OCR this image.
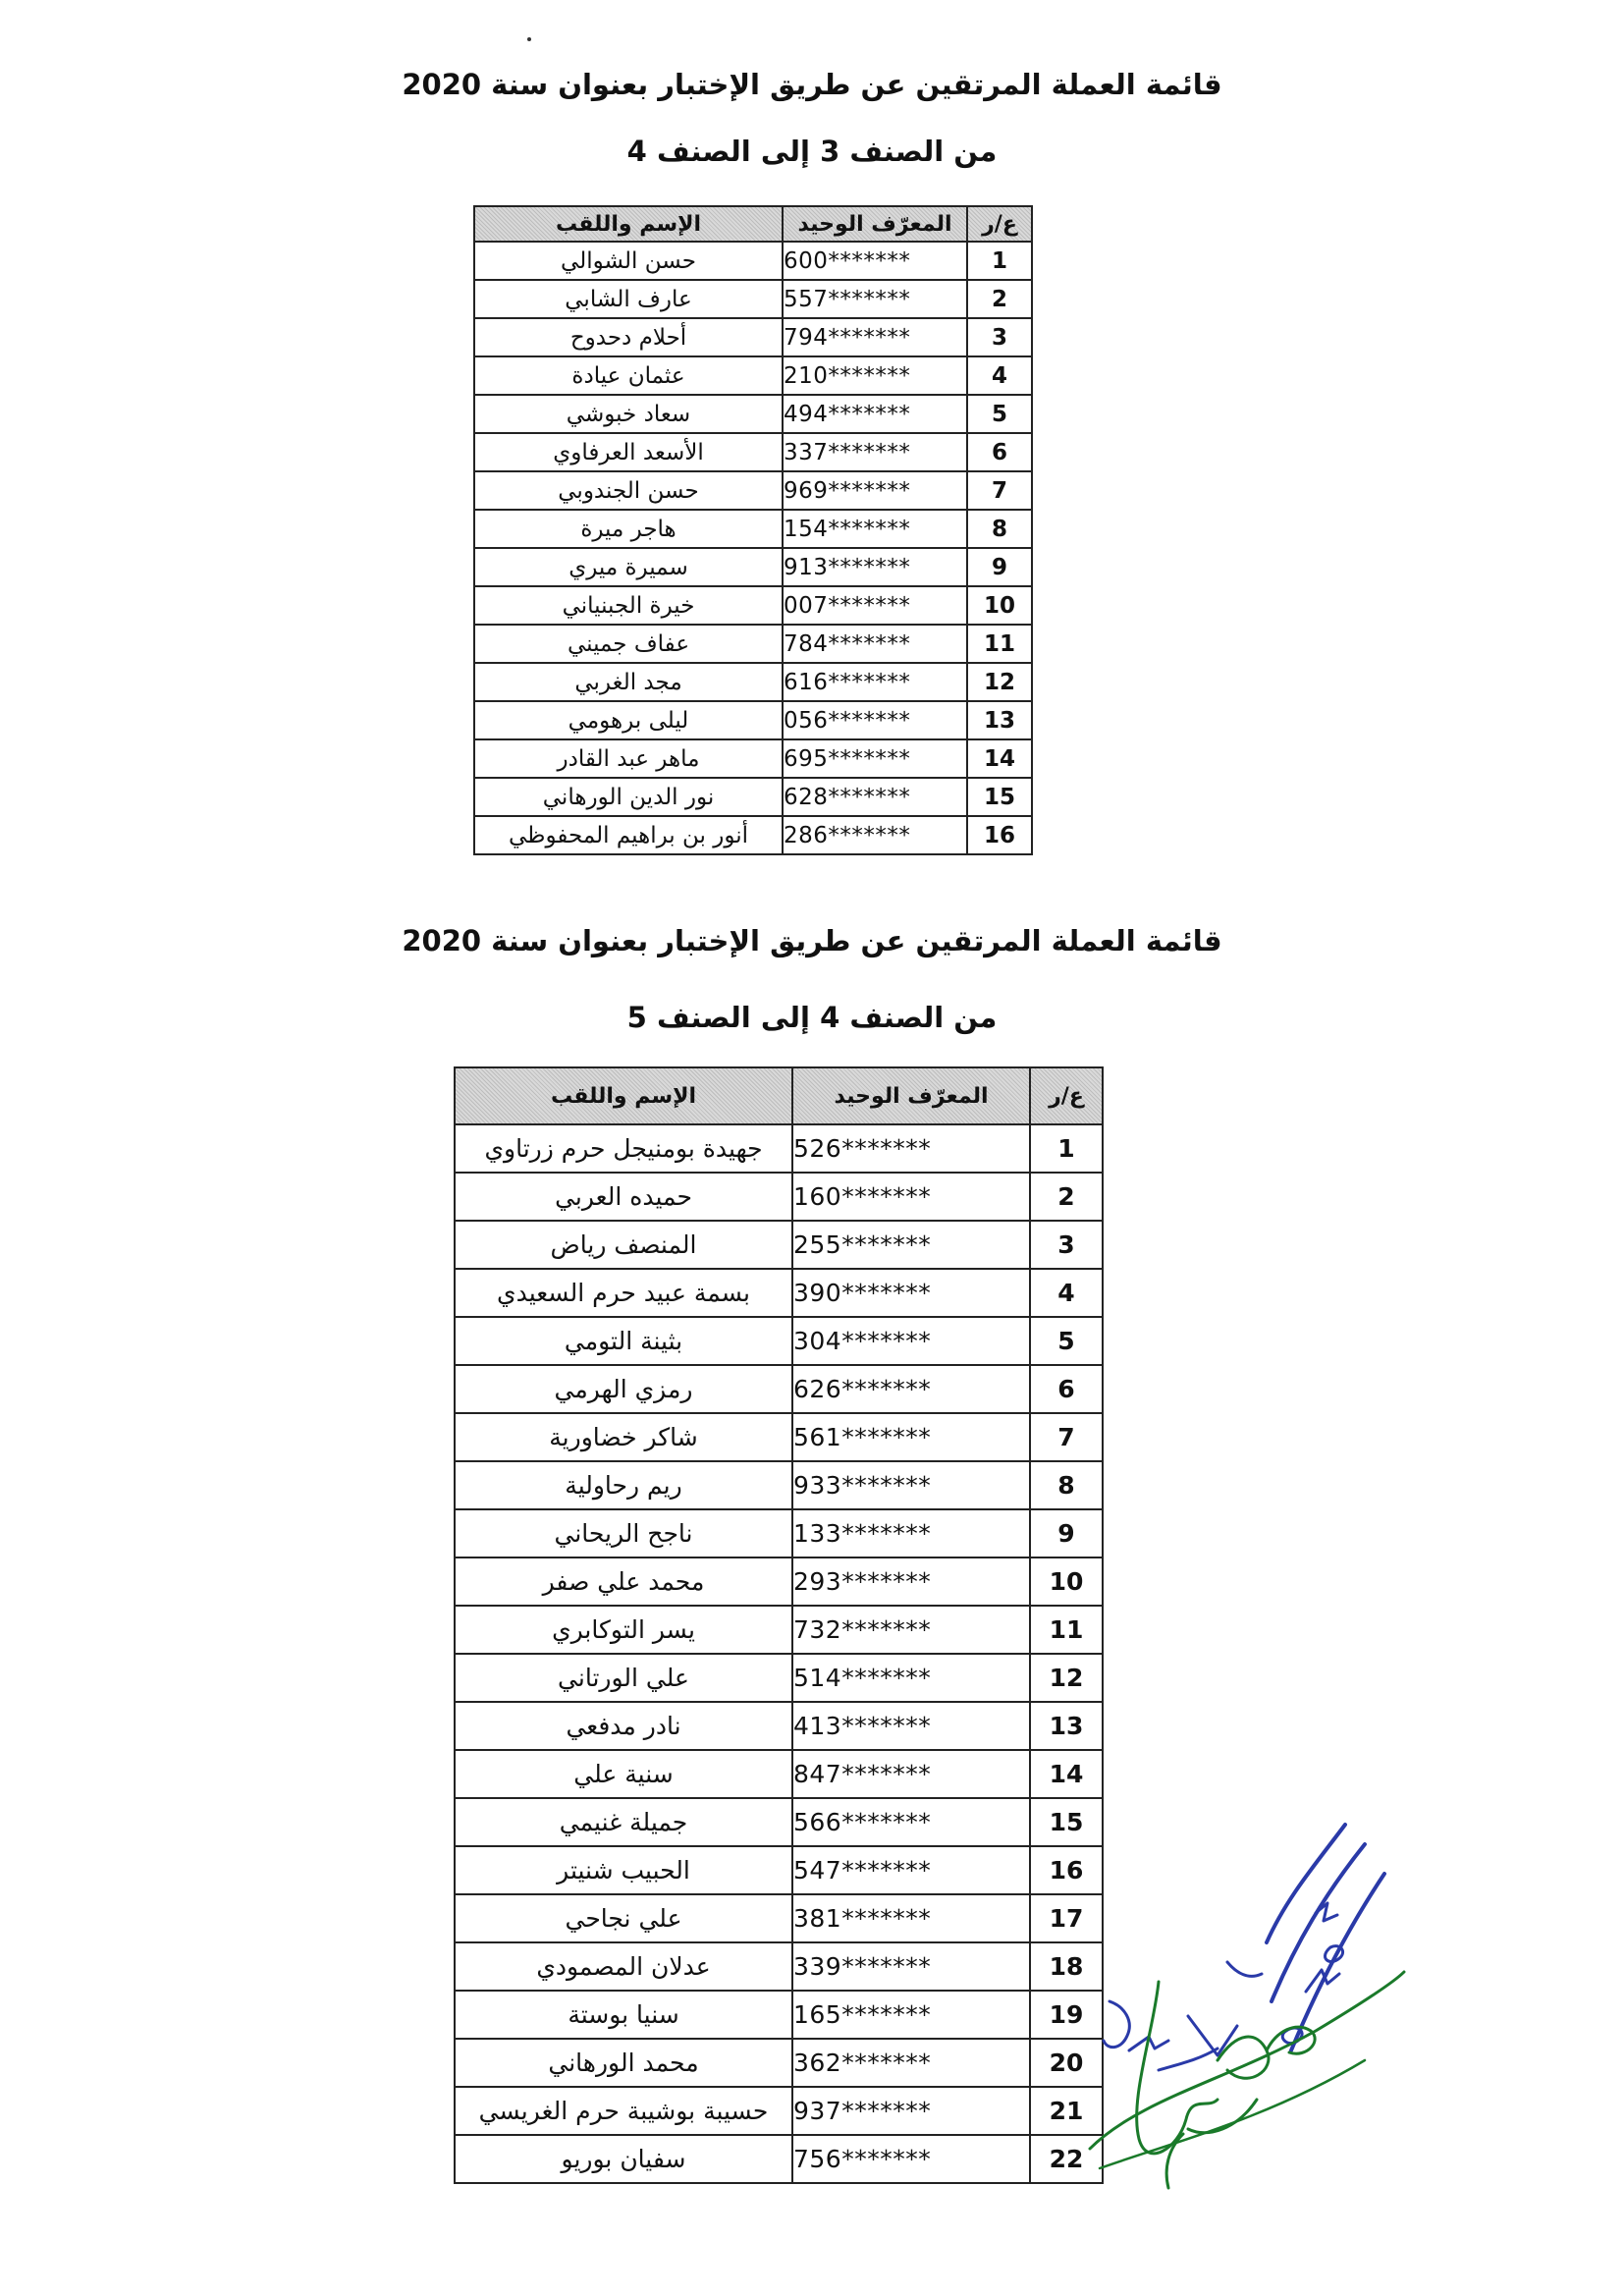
قائمة العملة المرتقين عن طريق الإختبار بعنوان سنة 2020
من الصنف 3 إلى الصنف 4
ع/ر	المعرّف الوحيد	الإسم واللقب
1	600*******	حسن الشوالي
2	557*******	عارف الشابي
3	794*******	أحلام دحدوح
4	210*******	عثمان عيادة
5	494*******	سعاد خبوشي
6	337*******	الأسعد العرفاوي
7	969*******	حسن الجندوبي
8	154*******	هاجر ميرة
9	913*******	سميرة ميري
10	007*******	خيرة الجبنياني
11	784*******	عفاف جميني
12	616*******	مجد الغربي
13	056*******	ليلى برهومي
14	695*******	ماهر عبد القادر
15	628*******	نور الدين الورهاني
16	286*******	أنور بن براهيم المحفوظي
قائمة العملة المرتقين عن طريق الإختبار بعنوان سنة 2020
من الصنف 4 إلى الصنف 5
ع/ر	المعرّف الوحيد	الإسم واللقب
1	526*******	جهيدة بومنيجل حرم زرتاوي
2	160*******	حميده العربي
3	255*******	المنصف رياض
4	390*******	بسمة عبيد حرم السعيدي
5	304*******	بثينة التومي
6	626*******	رمزي الهرمي
7	561*******	شاكر خضاورية
8	933*******	ريم رحاولية
9	133*******	ناجح الريحاني
10	293*******	محمد علي صفر
11	732*******	يسر التوكابري
12	514*******	علي الورتاني
13	413*******	نادر مدفعي
14	847*******	سنية علي
15	566*******	جميلة غنيمي
16	547*******	الحبيب شنيتر
17	381*******	علي نجاحي
18	339*******	عدلان المصمودي
19	165*******	سنيا بوستة
20	362*******	محمد الورهاني
21	937*******	حسيبة بوشيبة حرم الغريسي
22	756*******	سفيان بوريو
